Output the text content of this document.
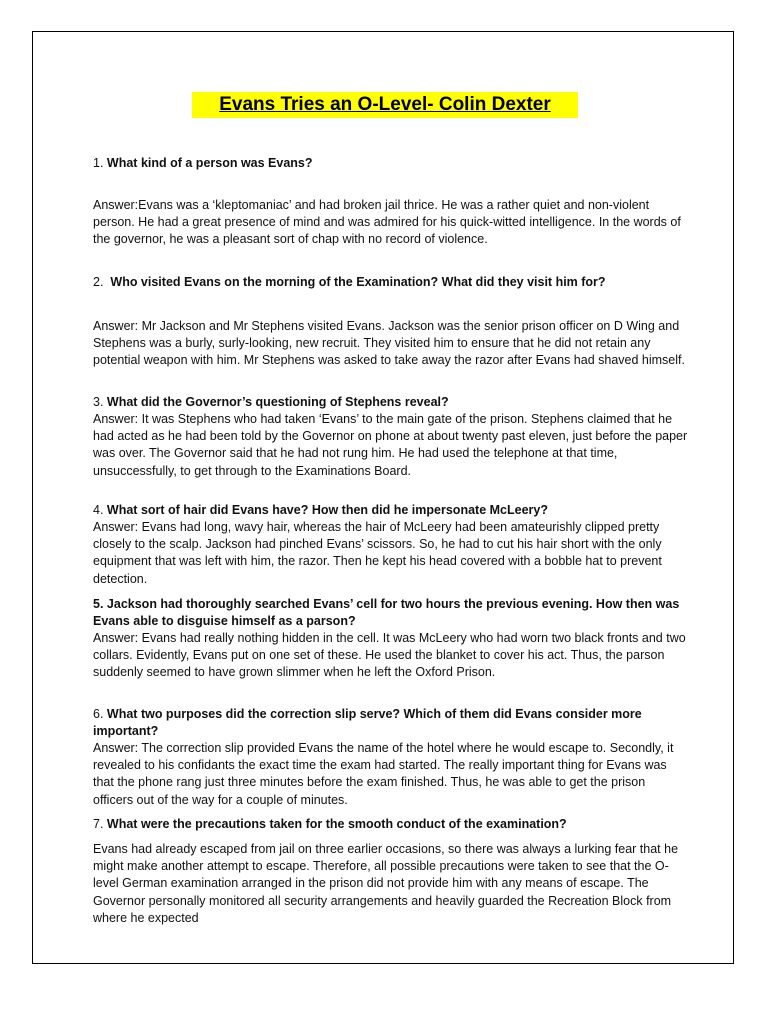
Evans Tries an O-Level- Colin Dexter
1. What kind of a person was Evans?
Answer:Evans was a ‘kleptomaniac’ and had broken jail thrice. He was a rather quiet and non-violent person. He had a great presence of mind and was admired for his quick-witted intelligence. In the words of the governor, he was a pleasant sort of chap with no record of violence.
2. Who visited Evans on the morning of the Examination? What did they visit him for?
Answer: Mr Jackson and Mr Stephens visited Evans. Jackson was the senior prison officer on D Wing and Stephens was a burly, surly-looking, new recruit. They visited him to ensure that he did not retain any potential weapon with him. Mr Stephens was asked to take away the razor after Evans had shaved himself.
3. What did the Governor’s questioning of Stephens reveal?
Answer: It was Stephens who had taken ‘Evans’ to the main gate of the prison. Stephens claimed that he had acted as he had been told by the Governor on phone at about twenty past eleven, just before the paper was over. The Governor said that he had not rung him. He had used the telephone at that time, unsuccessfully, to get through to the Examinations Board.
4. What sort of hair did Evans have? How then did he impersonate McLeery?
Answer: Evans had long, wavy hair, whereas the hair of McLeery had been amateurishly clipped pretty closely to the scalp. Jackson had pinched Evans’ scissors. So, he had to cut his hair short with the only equipment that was left with him, the razor. Then he kept his head covered with a bobble hat to prevent detection.
5. Jackson had thoroughly searched Evans’ cell for two hours the previous evening. How then was Evans able to disguise himself as a parson?
Answer: Evans had really nothing hidden in the cell. It was McLeery who had worn two black fronts and two collars. Evidently, Evans put on one set of these. He used the blanket to cover his act. Thus, the parson suddenly seemed to have grown slimmer when he left the Oxford Prison.
6. What two purposes did the correction slip serve? Which of them did Evans consider more important?
Answer: The correction slip provided Evans the name of the hotel where he would escape to. Secondly, it revealed to his confidants the exact time the exam had started. The really important thing for Evans was that the phone rang just three minutes before the exam finished. Thus, he was able to get the prison officers out of the way for a couple of minutes.
7. What were the precautions taken for the smooth conduct of the examination?
Evans had already escaped from jail on three earlier occasions, so there was always a lurking fear that he might make another attempt to escape. Therefore, all possible precautions were taken to see that the O-level German examination arranged in the prison did not provide him with any means of escape. The Governor personally monitored all security arrangements and heavily guarded the Recreation Block from where he expected
